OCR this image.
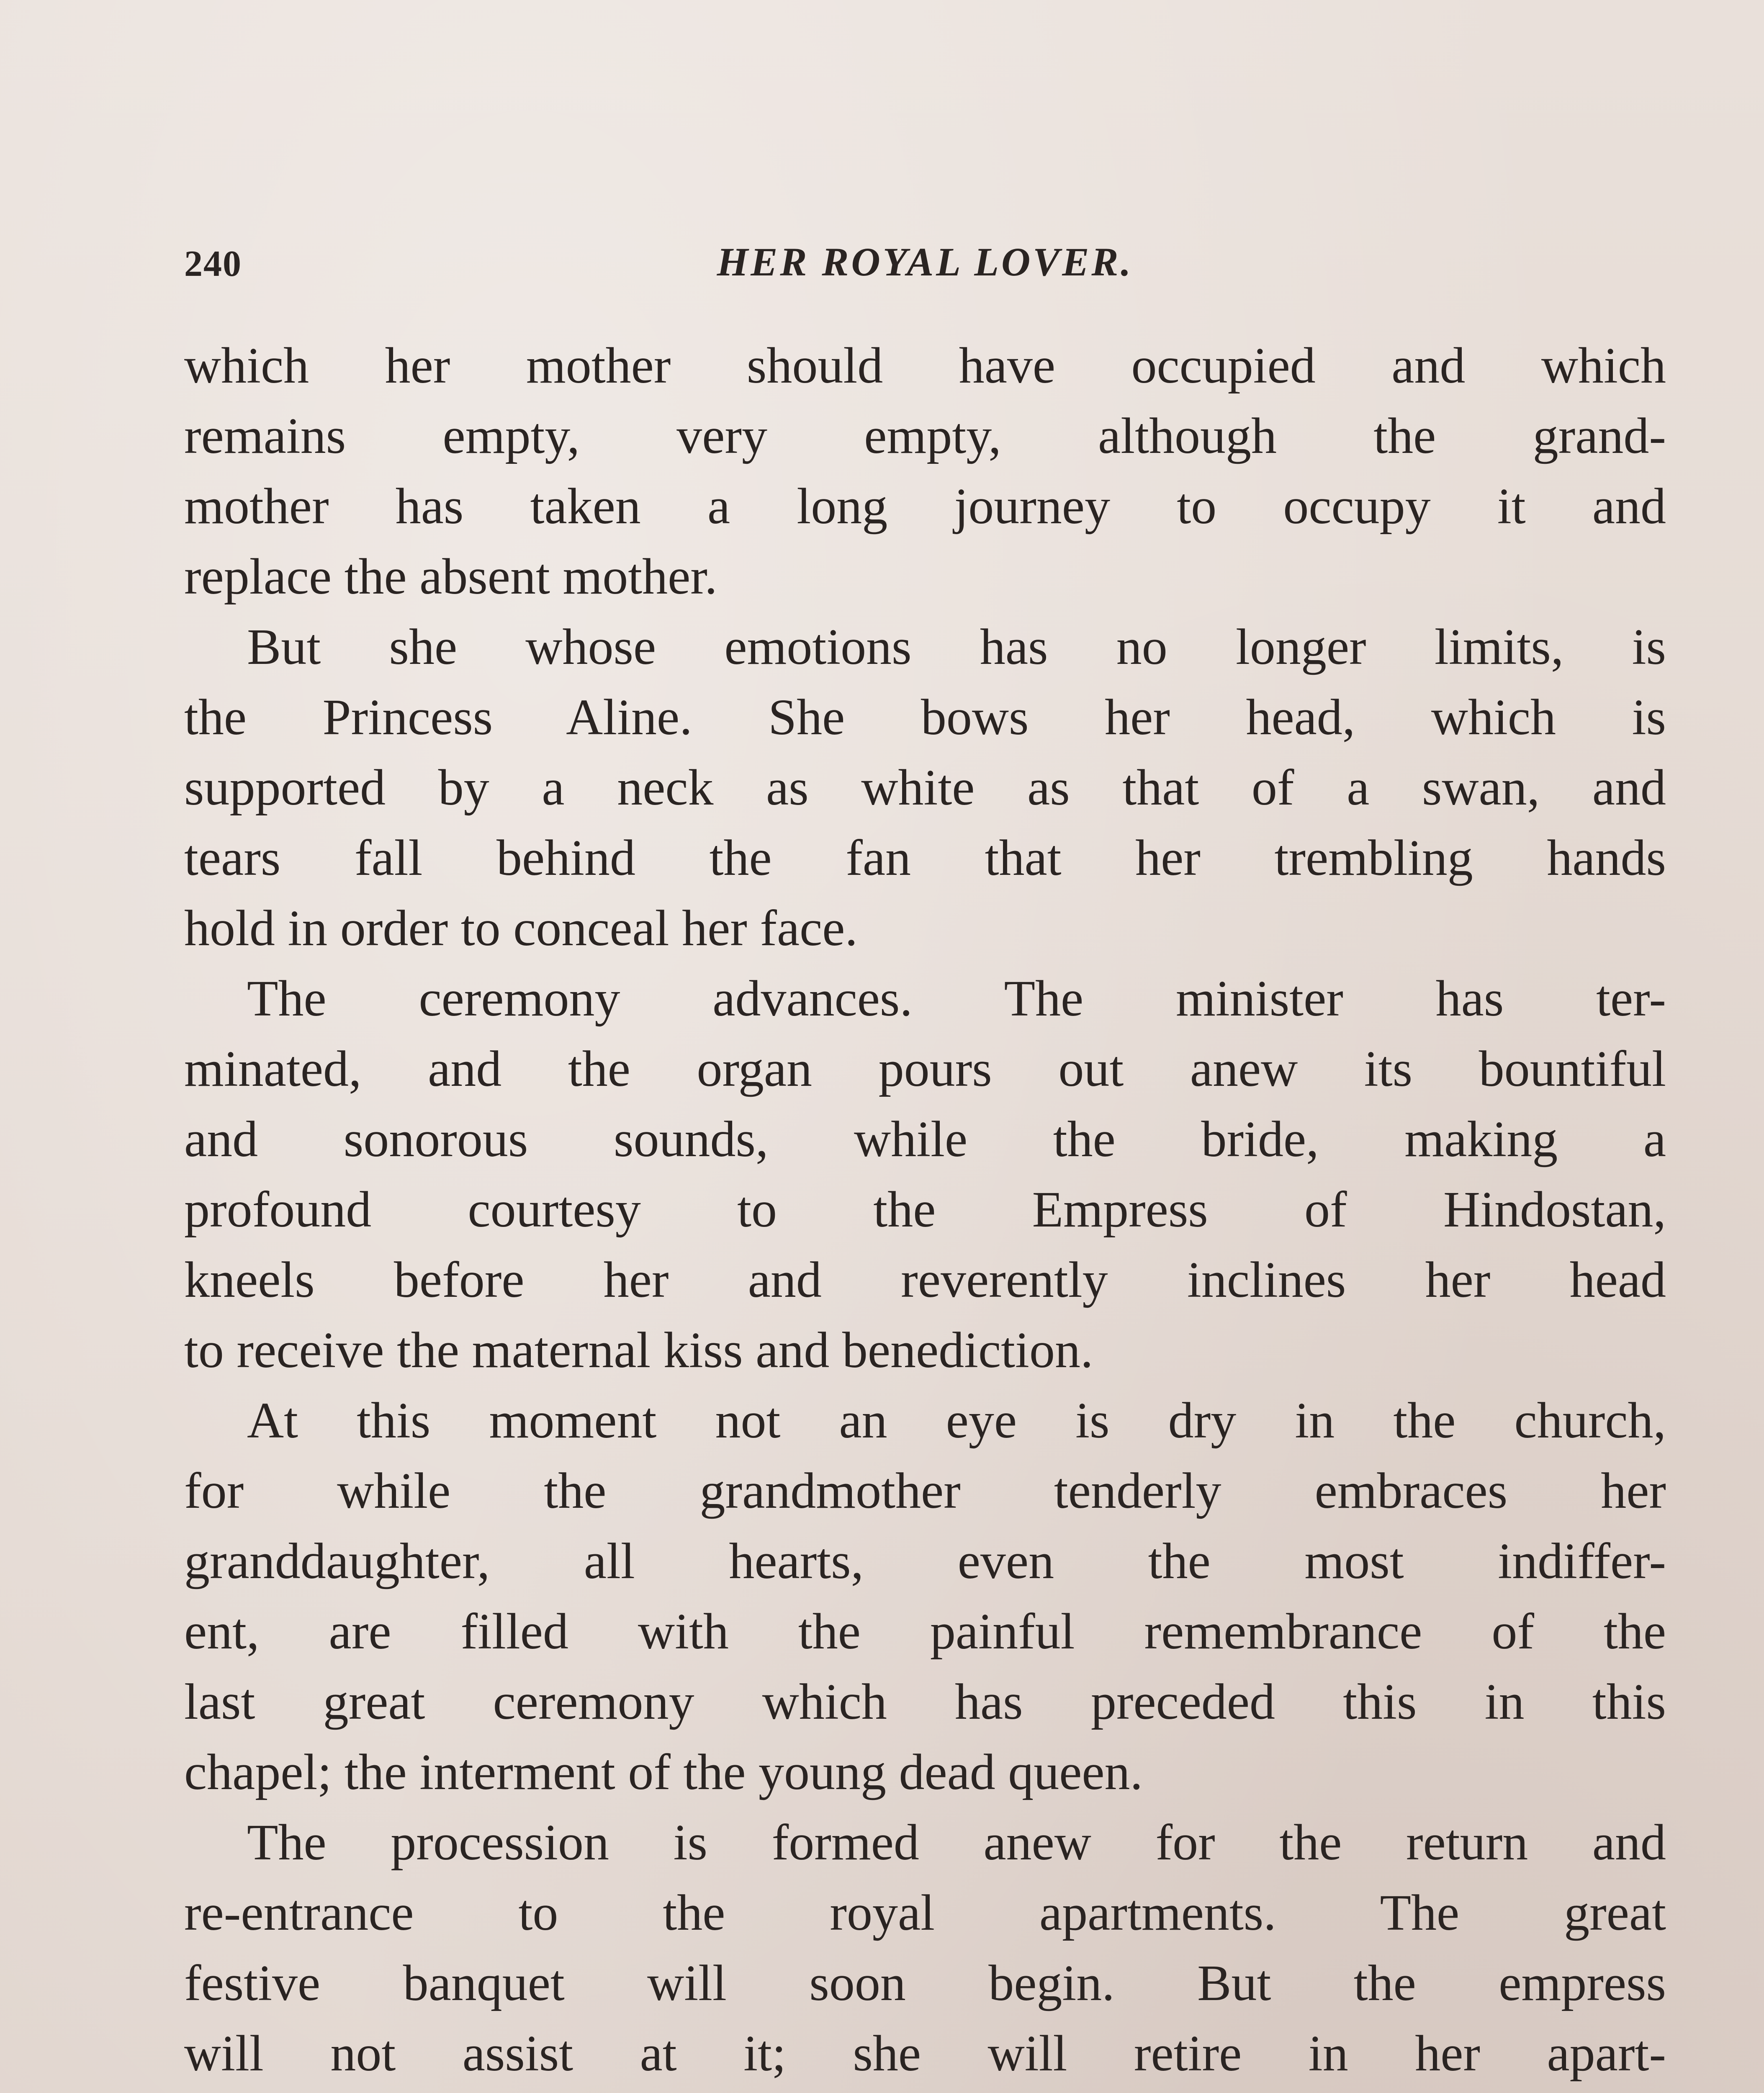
240	HER ROYAL LOVER.

which her mother should have occupied and which
remains empty, very empty, although the grand-
mother has taken a long journey to occupy it and
replace the absent mother.

But she whose emotions has no longer limits, is
the Princess Aline. She bows her head, which is
supported by a neck as white as that of a swan, and
tears fall behind the fan that her trembling hands
hold in order to conceal her face.

The ceremony advances. The minister has ter-
minated, and the organ pours out anew its bountiful
and sonorous sounds, while the bride, making a
profound courtesy to the Empress of Hindostan,
kneels before her and reverently inclines her head
to receive the maternal kiss and benediction.

At this moment not an eye is dry in the church,
for while the grandmother tenderly embraces her
granddaughter, all hearts, even the most indiffer-
ent, are filled with the painful remembrance of the
last great ceremony which has preceded this in this
chapel; the interment of the young dead queen.

The procession is formed anew for the return and
re-entrance to the royal apartments. The great
festive banquet will soon begin. But the empress
will not assist at it; she will retire in her apart-
